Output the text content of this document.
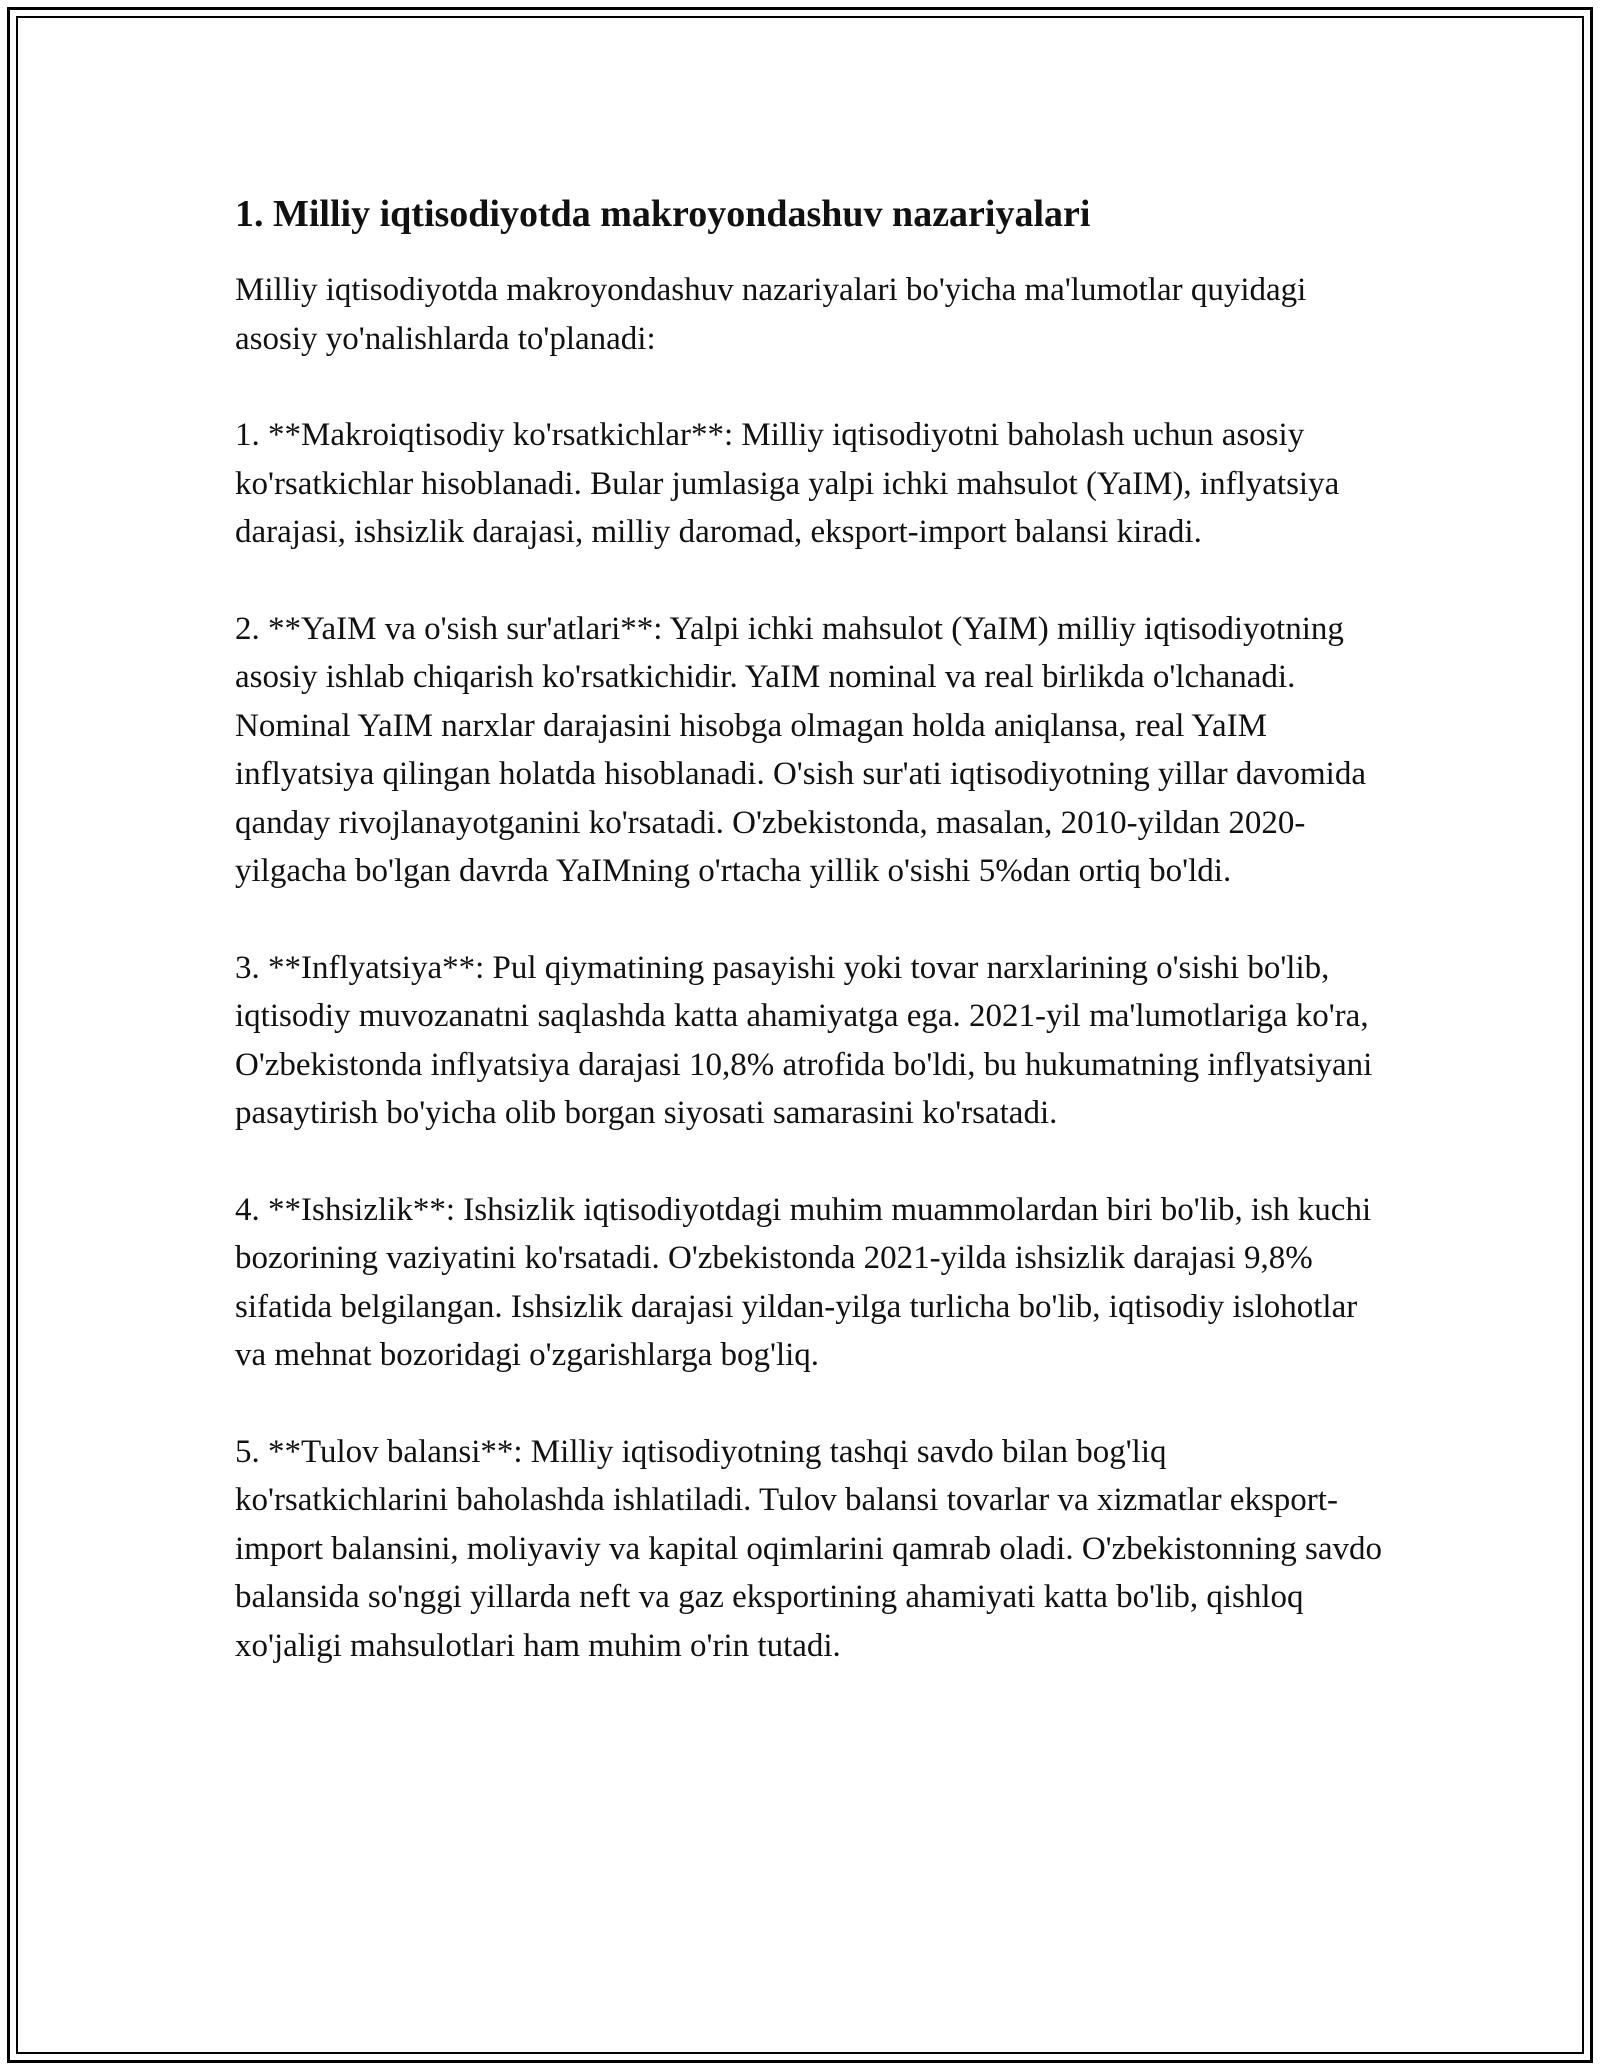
1. Milliy iqtisodiyotda makroyondashuv nazariyalari

Milliy iqtisodiyotda makroyondashuv nazariyalari bo'yicha ma'lumotlar quyidagi asosiy yo'nalishlarda to'planadi:

1. **Makroiqtisodiy ko'rsatkichlar**: Milliy iqtisodiyotni baholash uchun asosiy ko'rsatkichlar hisoblanadi. Bular jumlasiga yalpi ichki mahsulot (YaIM), inflyatsiya darajasi, ishsizlik darajasi, milliy daromad, eksport-import balansi kiradi.

2. **YaIM va o'sish sur'atlari**: Yalpi ichki mahsulot (YaIM) milliy iqtisodiyotning asosiy ishlab chiqarish ko'rsatkichidir. YaIM nominal va real birlikda o'lchanadi. Nominal YaIM narxlar darajasini hisobga olmagan holda aniqlansa, real YaIM inflyatsiya qilingan holatda hisoblanadi. O'sish sur'ati iqtisodiyotning yillar davomida qanday rivojlanayotganini ko'rsatadi. O'zbekistonda, masalan, 2010-yildan 2020-yilgacha bo'lgan davrda YaIMning o'rtacha yillik o'sishi 5%dan ortiq bo'ldi.

3. **Inflyatsiya**: Pul qiymatining pasayishi yoki tovar narxlarining o'sishi bo'lib, iqtisodiy muvozanatni saqlashda katta ahamiyatga ega. 2021-yil ma'lumotlariga ko'ra, O'zbekistonda inflyatsiya darajasi 10,8% atrofida bo'ldi, bu hukumatning inflyatsiyani pasaytirish bo'yicha olib borgan siyosati samarasini ko'rsatadi.

4. **Ishsizlik**: Ishsizlik iqtisodiyotdagi muhim muammolardan biri bo'lib, ish kuchi bozorining vaziyatini ko'rsatadi. O'zbekistonda 2021-yilda ishsizlik darajasi 9,8% sifatida belgilangan. Ishsizlik darajasi yildan-yilga turlicha bo'lib, iqtisodiy islohotlar va mehnat bozoridagi o'zgarishlarga bog'liq.

5. **Tulov balansi**: Milliy iqtisodiyotning tashqi savdo bilan bog'liq ko'rsatkichlarini baholashda ishlatiladi. Tulov balansi tovarlar va xizmatlar eksport-import balansini, moliyaviy va kapital oqimlarini qamrab oladi. O'zbekistonning savdo balansida so'nggi yillarda neft va gaz eksportining ahamiyati katta bo'lib, qishloq xo'jaligi mahsulotlari ham muhim o'rin tutadi.
